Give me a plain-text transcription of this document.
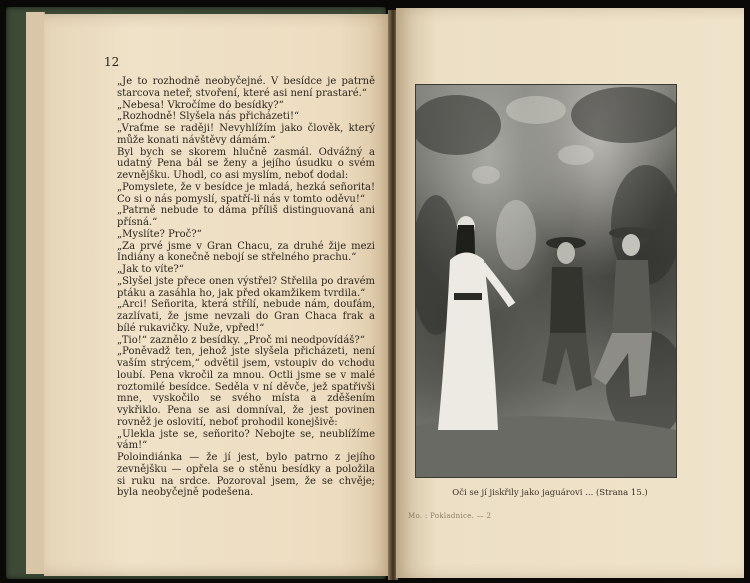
12

„Je to rozhodně neobyčejné. V besídce je patrně starcova neteř, stvoření, které asi není prastaré.“

„Nebesa! Vkročíme do besídky?“

„Rozhodně! Slyšela nás přicházeti!“

„Vraťme se raději! Nevyhlížím jako člověk, který může konati návštěvy dámám.“

Byl bych se skorem hlučně zasmál. Odvážný a udatný Pena bál se ženy a jejího úsudku o svém zevnějšku. Uhodl, co asi myslím, neboť dodal:

„Pomyslete, že v besídce je mladá, hezká señorita! Co si o nás pomyslí, spatří-li nás v tomto oděvu!“

„Patrně nebude to dáma příliš distinguovaná ani přísná.“

„Myslíte? Proč?“

„Za prvé jsme v Gran Chacu, za druhé žije mezi Indiány a konečně nebojí se střelného prachu.“

„Jak to víte?“

„Slyšel jste přece onen výstřel? Střelila po dravém ptáku a zasáhla ho, jak před okamžikem tvrdila.“

„Arci! Señorita, která střílí, nebude nám, doufám, zazlívati, že jsme nevzali do Gran Chaca frak a bílé rukavičky. Nuže, vpřed!“

„Tio!“ zaznělo z besídky. „Proč mi neodpovídáš?“

„Poněvadž ten, jehož jste slyšela přicházeti, není vaším strýcem,“ odvětil jsem, vstoupiv do vchodu loubí. Pena vkročil za mnou. Octli jsme se v malé roztomilé besídce. Seděla v ní děvče, jež spatřivši mne, vyskočilo se svého místa a zděšením vykřiklo. Pena se asi domníval, že jest povinen rovněž je oslovití, neboť prohodil konejšivě:

„Ulekla jste se, señorito? Nebojte se, neublížíme vám!“

Poloindiánka — že jí jest, bylo patrno z jejího zevnějšku — opřela se o stěnu besídky a položila si ruku na srdce. Pozoroval jsem, že se chvěje; byla neobyčejně podešena.	Oči se jí jiskřily jako jaguárovi ... (Strana 15.)
Mo. : Pokladnice. — 2
